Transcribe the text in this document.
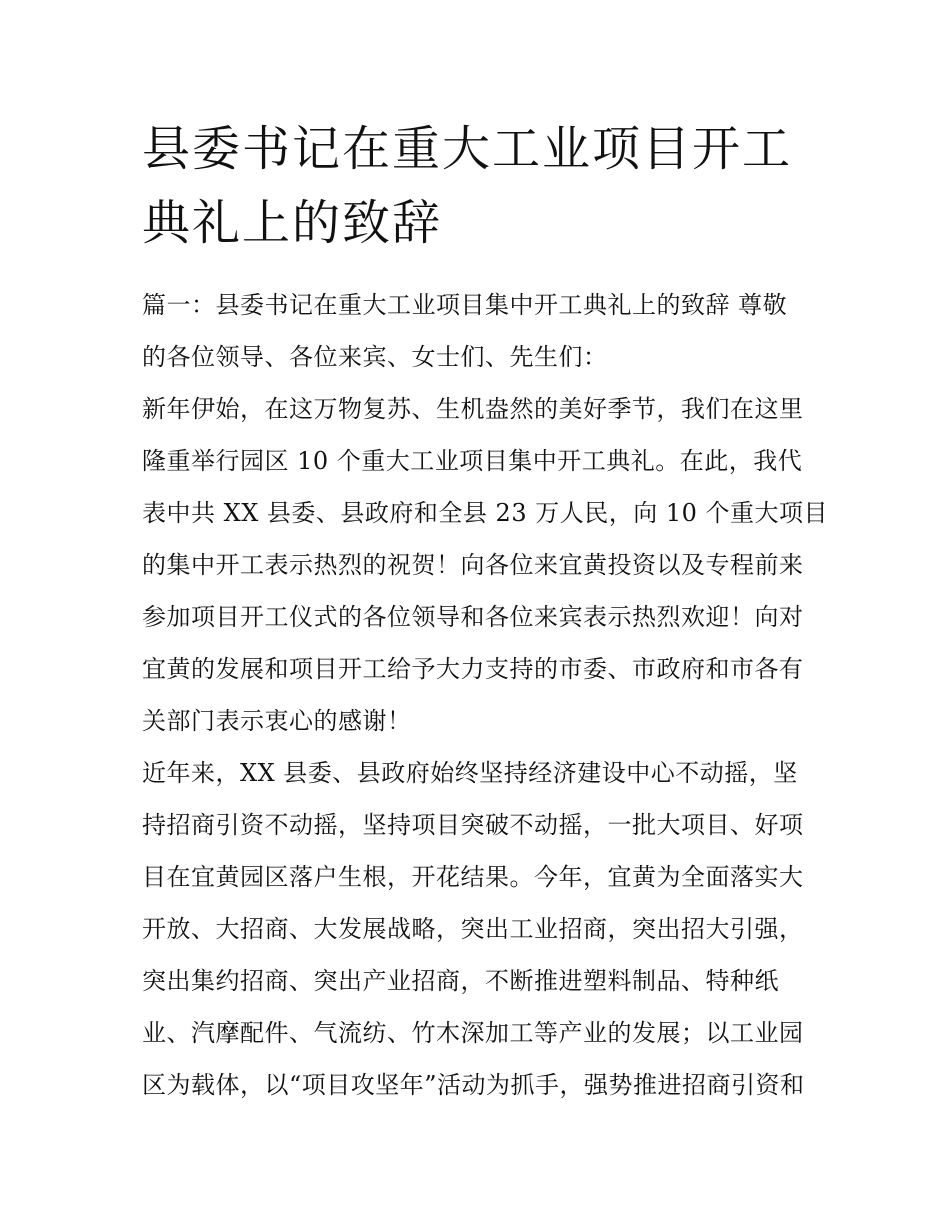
县委书记在重大工业项目开工
典礼上的致辞
篇一：县委书记在重大工业项目集中开工典礼上的致辞 尊敬
的各位领导、各位来宾、女士们、先生们：
新年伊始，在这万物复苏、生机盎然的美好季节，我们在这里
隆重举行园区 10 个重大工业项目集中开工典礼。在此，我代
表中共 XX 县委、县政府和全县 23 万人民，向 10 个重大项目
的集中开工表示热烈的祝贺！向各位来宜黄投资以及专程前来
参加项目开工仪式的各位领导和各位来宾表示热烈欢迎！向对
宜黄的发展和项目开工给予大力支持的市委、市政府和市各有
关部门表示衷心的感谢！
近年来，XX 县委、县政府始终坚持经济建设中心不动摇，坚
持招商引资不动摇，坚持项目突破不动摇，一批大项目、好项
目在宜黄园区落户生根，开花结果。今年，宜黄为全面落实大
开放、大招商、大发展战略，突出工业招商，突出招大引强，
突出集约招商、突出产业招商，不断推进塑料制品、特种纸
业、汽摩配件、气流纺、竹木深加工等产业的发展；以工业园
区为载体，以“项目攻坚年”活动为抓手，强势推进招商引资和
